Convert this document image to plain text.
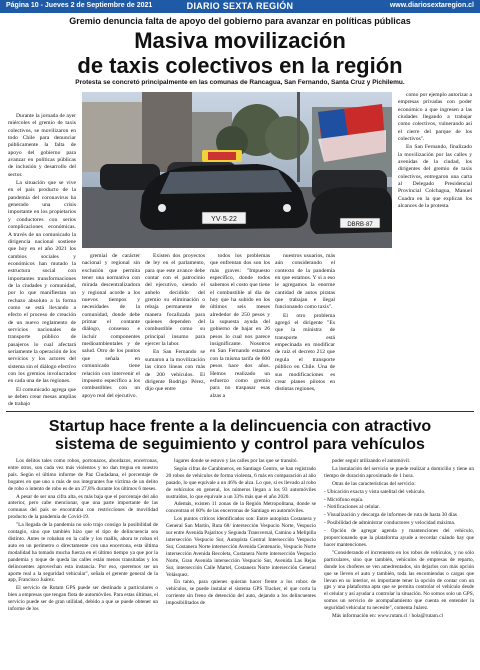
Página 10 - Jueves 2 de Septiembre de 2021	DIARIO SEXTA REGIÓN	www.diariosextaregion.cl
Gremio denuncia falta de apoyo del gobierno para avanzar en políticas públicas
Masiva movilización
de taxis colectivos en la región
Protesta se concretó principalmente en las comunas de Rancagua, San Fernando, Santa Cruz y Pichilemu.

Durante la jornada de ayer miércoles el gremio de taxis colectivos, se movilizaron en todo Chile para denunciar públicamente la falta de apoyo del gobierno para avanzar en políticas públicas de inclusión y desarrollo del sector.

La situación que se vive en el país producto de la pandemia del coronavirus ha generado una crisis importante en los propietarios y conductores con serios complicaciones económicas. A través de un comunicado la dirigencia nacional sostiene que hoy en el año 2021 los cambios sociales y económicos han mutado la estructura social con importantes transformaciones de la ciudades y comunidad, por lo que manifiestan un rechazo absoluto a la forma como se está llevando a efecto el proceso de creación de un nuevo reglamento de servicios nacionales de transporte público de pasajeros lo cual afectará seriamente la operación de los servicios y los actores del sistema sin el diálogo efectivo con los gremios involucrados en cada una de las regiones.

El comunicado agrega que se deben crear mesas amplias de trabajo

YV·5·22
DBRB·87

como por ejemplo autorizar a empresas privadas con poder económico a que ingresen a las ciudades llegando a trabajar como colectivos, vulnerando así el cierre del parque de los colectivos".

En San Fernando, finalizado la movilización por las calles y avenidas de la ciudad, los dirigentes del gremio de taxis colectivos, entregaron una carta al Delegado Presidencial Provincial Colchagua, Manuel Cuadra en la que explican los alcances de la protesta.

gremial de carácter nacional y regional sin exclusión que permita tener una normativa con mirada descentralizadora y regional acorde a los nuevos tiempos y necesidades de la comunidad, donde debe primar el contante diálogo, consenso e incluir componentes medioambientales y de salud. Otro de los puntos que señala en comunicado tiene relación con intervenir el impuesto específico a los combustibles con un apoyo real del ejecutivo.

Existen dos proyectos de ley en el parlamento, para que este avance debe contar con el patrocinio del ejecutivo, siendo el anhelo decidido del gremio su eliminación o rebaja permanente de manera focalizada para quienes dependen del combustible como su principal insumo para ejercer la labor.

En San Fernando se sumaron a la movilización las cinco líneas con más de 200 vehículos. El dirigente Rodrigo Pérez, dijo que entre

todos los problemas que enfrentan dos son los más graves: "Impuesto específico, donde todos sabemos el costo que tiene el combustible al día de hoy que ha subido en los últimos seis meses alrededor de 250 pesos y la supuesta ayuda del gobierno de bajar en 26 pesos lo cual nos parece insignificante. Nosotros en San Fernando estamos con la misma tarifa de 600 pesos hace dos años. Hemos realizado un esfuerzo como gremio para no traspasar esas alzas a

nuestros usuarios, más aún considerando el contexto de la pandemia en que estamos. Y si a eso le agregamos la enorme cantidad de autos piratas que trabajan e ilegal funcionando como taxis".

El otro problema agregó el dirigente "Es que la ministra de transporte está empecinada en modificar de raíz el decreto 212 que regula el transporte público en Chile. Una de sus modificaciones es crear planes pilotos en distintas regiones,

Startup hace frente a la delincuencia con atractivo
sistema de seguimiento y control para vehículos

Los delitos tales como robos, portonazos, abordazos, encerronas, entre otros, son cada vez más violentos y no dan tregua en nuestro país. Según el último informe de Paz Ciudadana, el porcentaje de hogares en que uno o más de sus integrantes fue víctima de un delito de robo o intento de robo es de un 27,8% durante los últimos 6 meses.

A pesar de ser una cifra alta, es más baja que el porcentaje del año anterior, pero cabe mencionar, que una parte importante de las comunas del país se encontraba con restricciones de movilidad producto de la pandemia de Covid-19.

"La llegada de la pandemia no solo trajo consigo la posibilidad de contagio, sino que también hizo que el tipo de delincuencia sea distinto. Antes te robaban en la calle y los mallls, ahora te roban el auto en un perímetro o directamente con una encerrona, esta última modalidad ha tomado mucha fuerza en el último tiempo ya que por la pandemia y toque de queda las calles están menos transitadas y los delincuentes aprovechan esta instancia. Por eso, queremos ser un aporte real a la seguridad vehicular", señala el gerente general de la app, Francisco Juárez.

El servicio de Rutam GPS puede ser destinado a particulares o bien a empresas que tengan flota de automóviles. Para estas últimas, el servicio puede ser de gran utilidad, debido a que se puede obtener un informe de los

lugares donde se estuvo y las calles por las que se transitó.

Según cifras de Carabineros, en Santiago Centro, se han registrado 20 robos de vehículos de forma violenta, 6 más en comparación al año pasado, lo que equivale a un 46% de alza. Lo que, si es llevado al robo de vehículos en general, los números llegan a los 93 automóviles sustraídos, lo que equivale a un 33% más que el año 2020.

Además, existen 11 zonas de la Región Metropolitana, donde se concentran el 60% de las encerronas de Santiago en automóviles.

Los puntos críticos identificados son: Entre autopista Costanera y General San Martín, Ruta 68/ intersección Vespucio Norte, Vespucio sur entre Avenida Pajaritos y Segunda Transversal, Camino a Melipilla intersección Vespucio Sur, Autopista Central Intersección Vespucio Sur, Costanera Norte intersección Avenida Centenario, Vespucio Norte intersección Avenida Recoleta, Costanera Norte intersección Vespucio Norte, Gran Avenida intersección Vespucio Sur, Avenida Las Rejas Sur, intersección Calle Martel, Costanera Norte intersección General Velásquez.

En tanto, para quienes quieran hacer frente a los robos de vehículos, se puede instalar el sistema GPS Tracker, el que corta la corriente sin freno de detención del auto, dejando a los delincuentes imposibilitados de

poder seguir utilizando el automóvil.

La instalación del servicio se puede realizar a domicilio y tiene un tiempo de duración aproximado de 1 hora.

Otras de las características del servicio:

- Ubicación exacta y vista satelital del vehículo.

- Micrófono espía.

- Notificaciones al celular.

- Visualización y descarga de informes de ruta de hasta 30 días

- Posibilidad de administrar conductores y velocidad máxima.

- Opción de agregar agenda y mantenciones del vehículo, proporcionando que la plataforma ayude a recordar cuándo hay que hacer mantenciones.

"Considerando el incremento en los robos de vehículos, y no sólo particulares, sino que también, vehículos de empresas de reparto, donde los choferes se ven amedrentados, sin dejarlos con más opción que se lleven el auto y también, toda las encomiendas o cargas que llevan en su interior, es importante tener la opción de contar con un gps y una plataforma apta que se permita controlar el vehículo desde el celular y así ayudar a controlar la situación. No somos solo un GPS, somos un servicio de acompañamiento que cuenta en entender la seguridad vehicular tu necesite", comenta Juárez.

Más información en: www.rutam.cl / hola@rutam.cl
